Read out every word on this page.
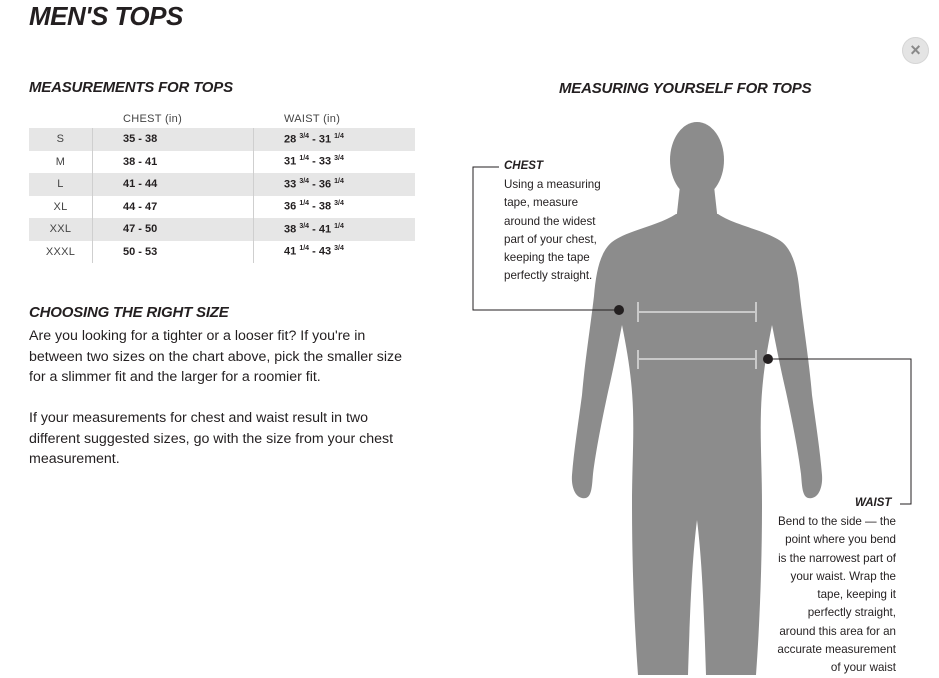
MEN'S TOPS
×
MEASUREMENTS FOR TOPS
	CHEST (in)	WAIST (in)
S	35 - 38	28 $^{3/4}$ - 31 $^{1/4}$
M	38 - 41	31 $^{1/4}$ - 33 $^{3/4}$
L	41 - 44	33 $^{3/4}$ - 36 $^{1/4}$
XL	44 - 47	36 $^{1/4}$ - 38 $^{3/4}$
XXL	47 - 50	38 $^{3/4}$ - 41 $^{1/4}$
XXXL	50 - 53	41 $^{1/4}$ - 43 $^{3/4}$
CHOOSING THE RIGHT SIZE

Are you looking for a tighter or a looser fit? If you're in between two sizes on the chart above, pick the smaller size for a slimmer fit and the larger for a roomier fit.

If your measurements for chest and waist result in two different suggested sizes, go with the size from your chest measurement.

MEASURING YOURSELF FOR TOPS

CHEST

Using a measuring
tape, measure
around the widest
part of your chest,
keeping the tape
perfectly straight.

WAIST

Bend to the side — the
point where you bend
is the narrowest part of
your waist. Wrap the
tape, keeping it
perfectly straight,
around this area for an
accurate measurement
of your waist
